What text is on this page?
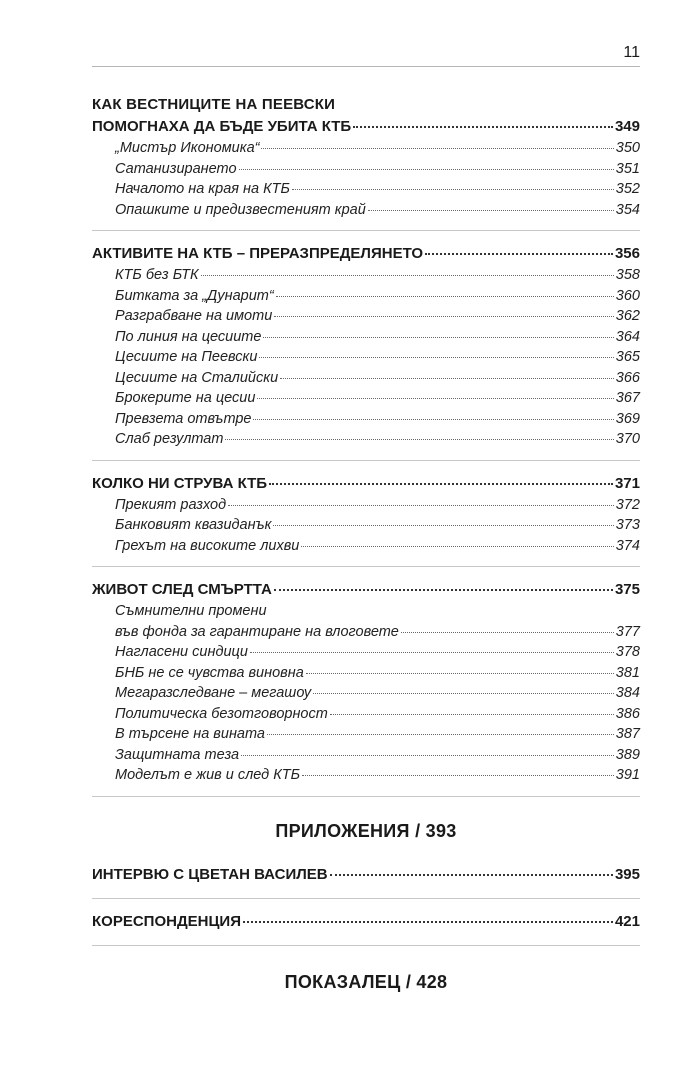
11
КАК ВЕСТНИЦИТЕ НА ПЕЕВСКИ
ПОМОГНАХА ДА БЪДЕ УБИТА КТБ	349
„Мистър Икономика“	350
Сатанизирането	351
Началото на края на КТБ	352
Опашките и предизвестеният край	354
АКТИВИТЕ НА КТБ – ПРЕРАЗПРЕДЕЛЯНЕТО	356
КТБ без БТК	358
Битката за „Дунарит“	360
Разграбване на имоти	362
По линия на цесиите	364
Цесиите на Пеевски	365
Цесиите на Сталийски	366
Брокерите на цесии	367
Превзета отвътре	369
Слаб резултат	370
КОЛКО НИ СТРУВА КТБ	371
Прекият разход	372
Банковият квазиданък	373
Грехът на високите лихви	374
ЖИВОТ СЛЕД СМЪРТТА	375
Съмнителни промени
във фонда за гарантиране на влоговете	377
Нагласени синдици	378
БНБ не се чувства виновна	381
Мегаразследване – мегашоу	384
Политическа безотговорност	386
В търсене на вината	387
Защитната теза	389
Моделът е жив и след КТБ	391
ПРИЛОЖЕНИЯ / 393
ИНТЕРВЮ С ЦВЕТАН ВАСИЛЕВ	395
КОРЕСПОНДЕНЦИЯ	421
ПОКАЗАЛЕЦ / 428
